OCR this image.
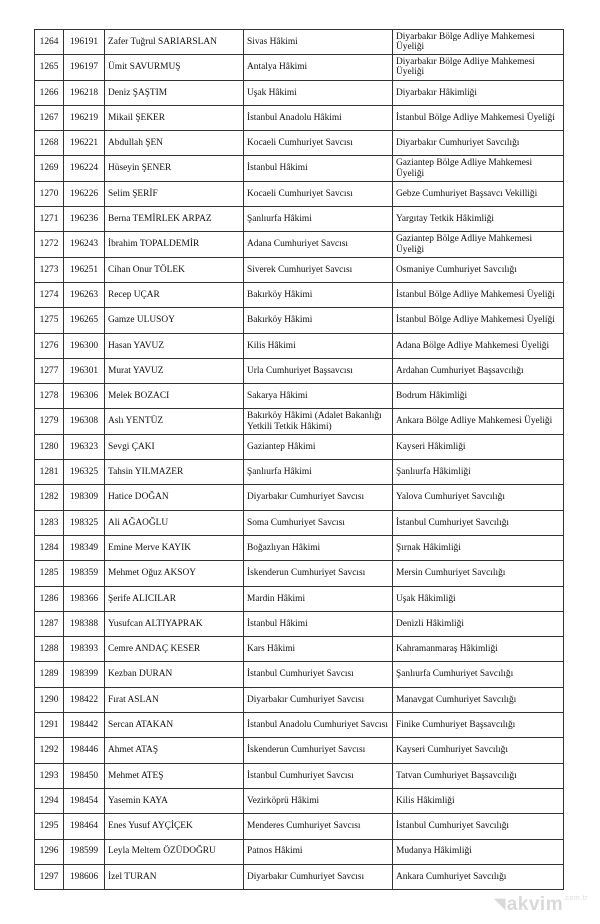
1264	196191	Zafer Tuğrul SARIARSLAN	Sivas Hâkimi	Diyarbakır Bölge Adliye Mahkemesi Üyeliği
1265	196197	Ümit SAVURMUŞ	Antalya Hâkimi	Diyarbakır Bölge Adliye Mahkemesi Üyeliği
1266	196218	Deniz ŞAŞTIM	Uşak Hâkimi	Diyarbakır Hâkimliği
1267	196219	Mikail ŞEKER	İstanbul Anadolu Hâkimi	İstanbul Bölge Adliye Mahkemesi Üyeliği
1268	196221	Abdullah ŞEN	Kocaeli Cumhuriyet Savcısı	Diyarbakır Cumhuriyet Savcılığı
1269	196224	Hüseyin ŞENER	İstanbul Hâkimi	Gaziantep Bölge Adliye Mahkemesi Üyeliği
1270	196226	Selim ŞERİF	Kocaeli Cumhuriyet Savcısı	Gebze Cumhuriyet Başsavcı Vekilliği
1271	196236	Berna TEMİRLEK ARPAZ	Şanlıurfa Hâkimi	Yargıtay Tetkik Hâkimliği
1272	196243	İbrahim TOPALDEMİR	Adana Cumhuriyet Savcısı	Gaziantep Bölge Adliye Mahkemesi Üyeliği
1273	196251	Cihan Onur TÖLEK	Siverek Cumhuriyet Savcısı	Osmaniye Cumhuriyet Savcılığı
1274	196263	Recep UÇAR	Bakırköy Hâkimi	İstanbul Bölge Adliye Mahkemesi Üyeliği
1275	196265	Gamze ULUSOY	Bakırköy Hâkimi	İstanbul Bölge Adliye Mahkemesi Üyeliği
1276	196300	Hasan YAVUZ	Kilis Hâkimi	Adana Bölge Adliye Mahkemesi Üyeliği
1277	196301	Murat YAVUZ	Urla Cumhuriyet Başsavcısı	Ardahan Cumhuriyet Başsavcılığı
1278	196306	Melek BOZACI	Sakarya Hâkimi	Bodrum Hâkimliği
1279	196308	Aslı YENTÜZ	Bakırköy Hâkimi (Adalet Bakanlığı Yetkili Tetkik Hâkimi)	Ankara Bölge Adliye Mahkemesi Üyeliği
1280	196323	Sevgi ÇAKI	Gaziantep Hâkimi	Kayseri Hâkimliği
1281	196325	Tahsin YILMAZER	Şanlıurfa Hâkimi	Şanlıurfa Hâkimliği
1282	198309	Hatice DOĞAN	Diyarbakır Cumhuriyet Savcısı	Yalova Cumhuriyet Savcılığı
1283	198325	Ali AĞAOĞLU	Soma Cumhuriyet Savcısı	İstanbul Cumhuriyet Savcılığı
1284	198349	Emine Merve KAYIK	Boğazlıyan Hâkimi	Şırnak Hâkimliği
1285	198359	Mehmet Oğuz AKSOY	İskenderun Cumhuriyet Savcısı	Mersin Cumhuriyet Savcılığı
1286	198366	Şerife ALICILAR	Mardin Hâkimi	Uşak Hâkimliği
1287	198388	Yusufcan ALTIYAPRAK	İstanbul Hâkimi	Denizli Hâkimliği
1288	198393	Cemre ANDAÇ KESER	Kars Hâkimi	Kahramanmaraş Hâkimliği
1289	198399	Kezban DURAN	İstanbul Cumhuriyet Savcısı	Şanlıurfa Cumhuriyet Savcılığı
1290	198422	Fırat ASLAN	Diyarbakır Cumhuriyet Savcısı	Manavgat Cumhuriyet Savcılığı
1291	198442	Sercan ATAKAN	İstanbul Anadolu Cumhuriyet Savcısı	Finike Cumhuriyet Başsavcılığı
1292	198446	Ahmet ATAŞ	İskenderun Cumhuriyet Savcısı	Kayseri Cumhuriyet Savcılığı
1293	198450	Mehmet ATEŞ	İstanbul Cumhuriyet Savcısı	Tatvan Cumhuriyet Başsavcılığı
1294	198454	Yasemin KAYA	Vezirköprü Hâkimi	Kilis Hâkimliği
1295	198464	Enes Yusuf AYÇİÇEK	Menderes Cumhuriyet Savcısı	İstanbul Cumhuriyet Savcılığı
1296	198599	Leyla Meltem ÖZÜDOĞRU	Patnos Hâkimi	Mudanya Hâkimliği
1297	198606	İzel TURAN	Diyarbakır Cumhuriyet Savcısı	Ankara Cumhuriyet Savcılığı
◥akvim$^{.com.tr}$
